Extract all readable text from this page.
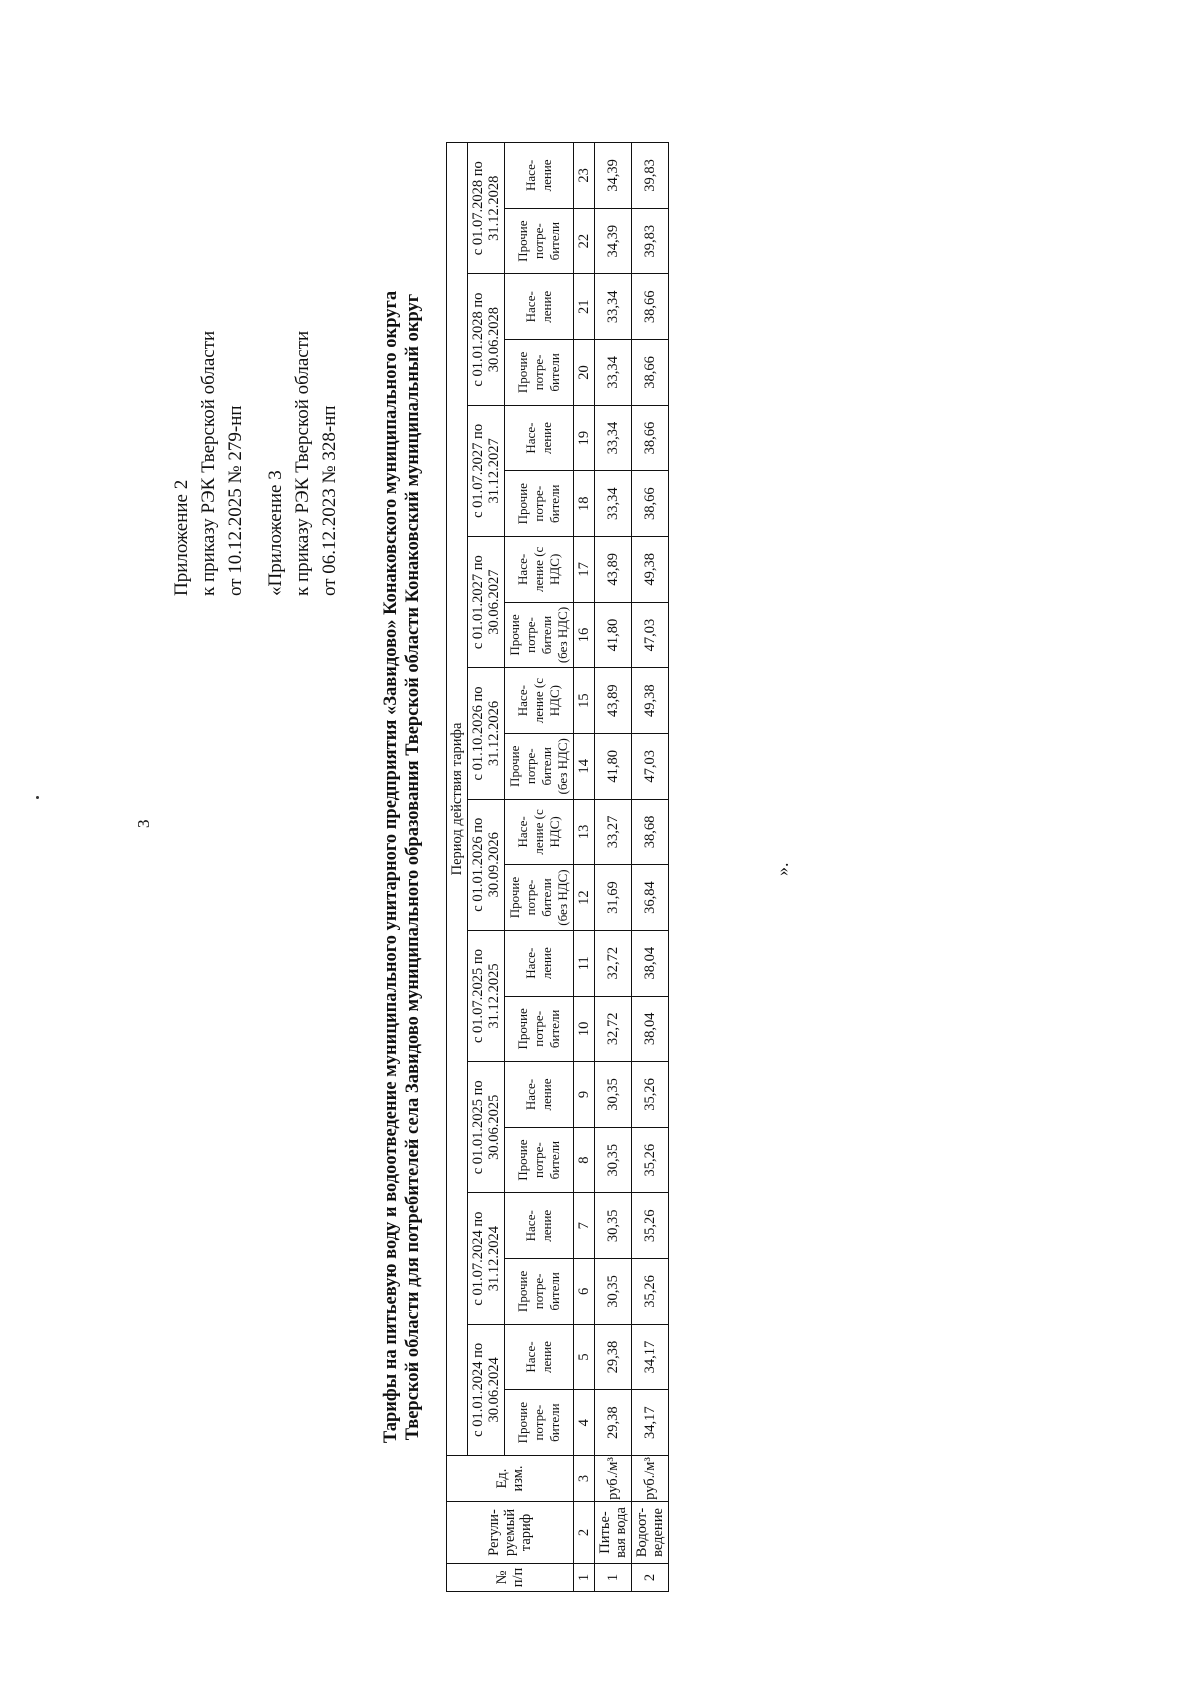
3
Приложение 2 к приказу РЭК Тверской области от 10.12.2025 № 279-нп «Приложение 3 к приказу РЭК Тверской области от 06.12.2023 № 328-нп Тарифы на питьевую воду и водоотведение муниципального унитарного предприятия «Завидово» Конаковского муниципального округа Тверской области для потребителей села Завидово муниципального образования Тверской области Конаковский муниципальный округ
№ п/п	Регули- руемый тариф	Ед. изм.	Период действия тарифа																			
			с 01.01.2024 по 30.06.2024		с 01.07.2024 по 31.12.2024		с 01.01.2025 по 30.06.2025		с 01.07.2025 по 31.12.2025		с 01.01.2026 по 30.09.2026		с 01.10.2026 по 31.12.2026		с 01.01.2027 по 30.06.2027		с 01.07.2027 по 31.12.2027		с 01.01.2028 по 30.06.2028		с 01.07.2028 по 31.12.2028	
			Прочие потре- бители	Насе- ление	Прочие потре- бители	Насе- ление	Прочие потре- бители	Насе- ление	Прочие потре- бители	Насе- ление	Прочие потре- бители (без НДС)	Насе- ление (с НДС)	Прочие потре- бители (без НДС)	Насе- ление (с НДС)	Прочие потре- бители (без НДС)	Насе- ление (с НДС)	Прочие потре- бители	Насе- ление	Прочие потре- бители	Насе- ление	Прочие потре- бители	Насе- ление
1	2	3	4	5	6	7	8	9	10	11	12	13	14	15	16	17	18	19	20	21	22	23
1	Питье- вая вода	руб./м³	29,38	29,38	30,35	30,35	30,35	30,35	32,72	32,72	31,69	33,27	41,80	43,89	41,80	43,89	33,34	33,34	33,34	33,34	34,39	34,39
2	Водоот- ведение	руб./м³	34,17	34,17	35,26	35,26	35,26	35,26	38,04	38,04	36,84	38,68	47,03	49,38	47,03	49,38	38,66	38,66	38,66	38,66	39,83	39,83
».
